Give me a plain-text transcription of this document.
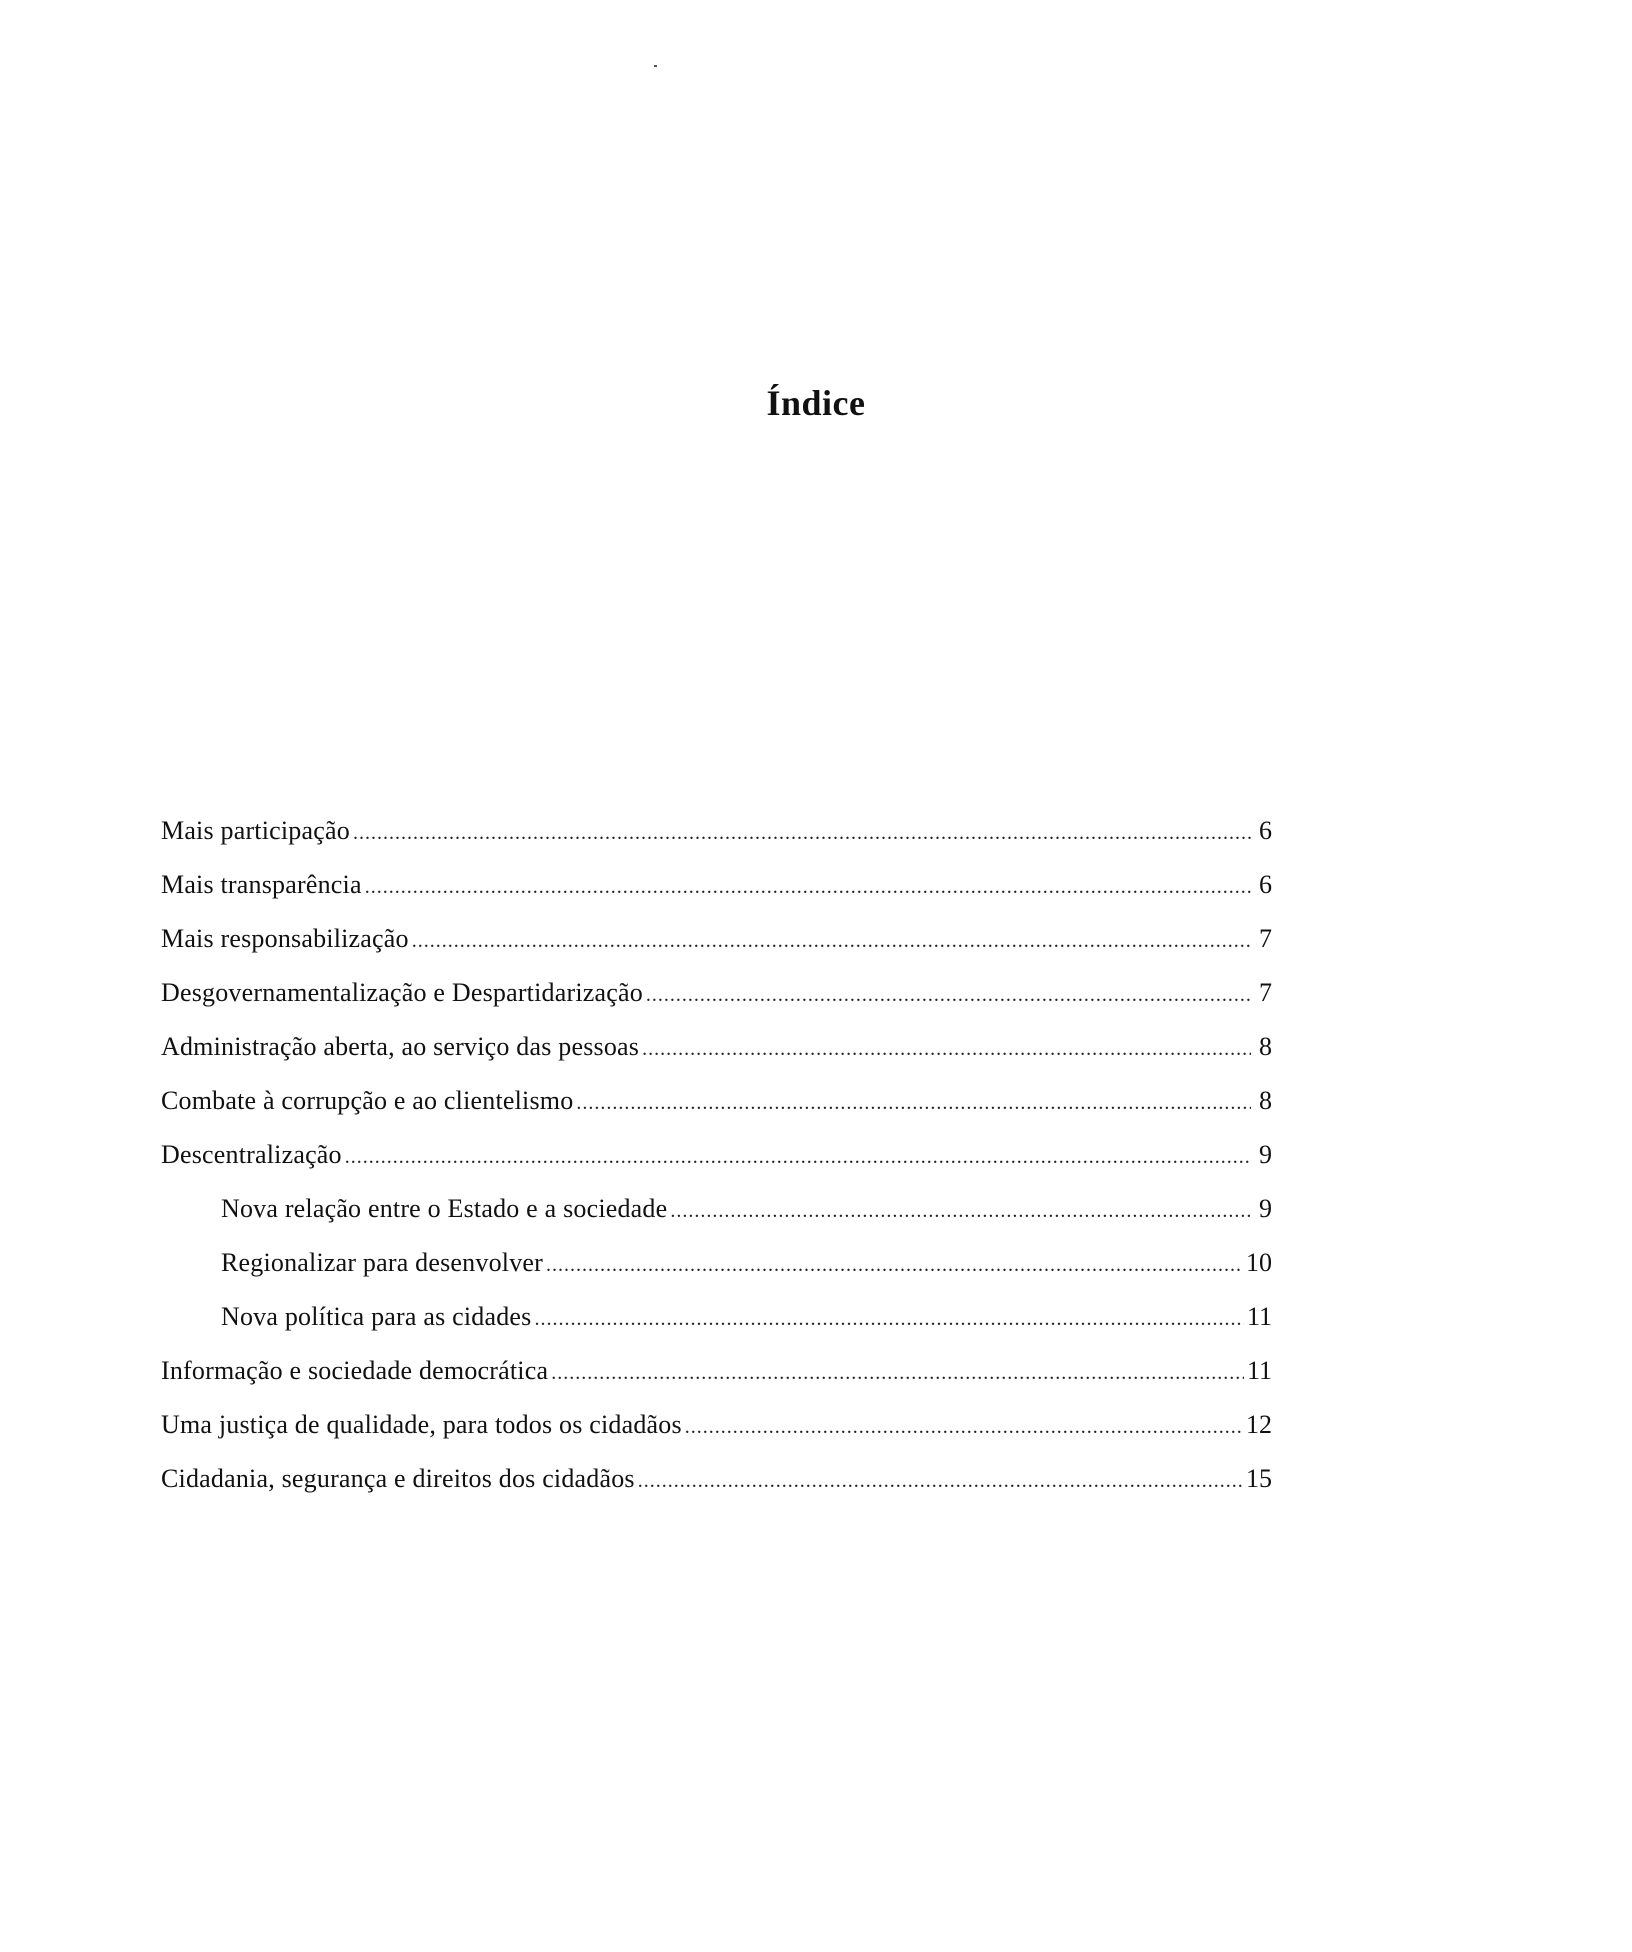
Índice
Mais participação .....	6
Mais transparência .....	6
Mais responsabilização .....	7
Desgovernamentalização e Despartidarização .....	7
Administração aberta, ao serviço das pessoas .....	8
Combate à corrupção e ao clientelismo .....	8
Descentralização .....	9
Nova relação entre o Estado e a sociedade .....	9
Regionalizar para desenvolver .....	10
Nova política para as cidades .....	11
Informação e sociedade democrática .....	11
Uma justiça de qualidade, para todos os cidadãos .....	12
Cidadania, segurança e direitos dos cidadãos .....	15
